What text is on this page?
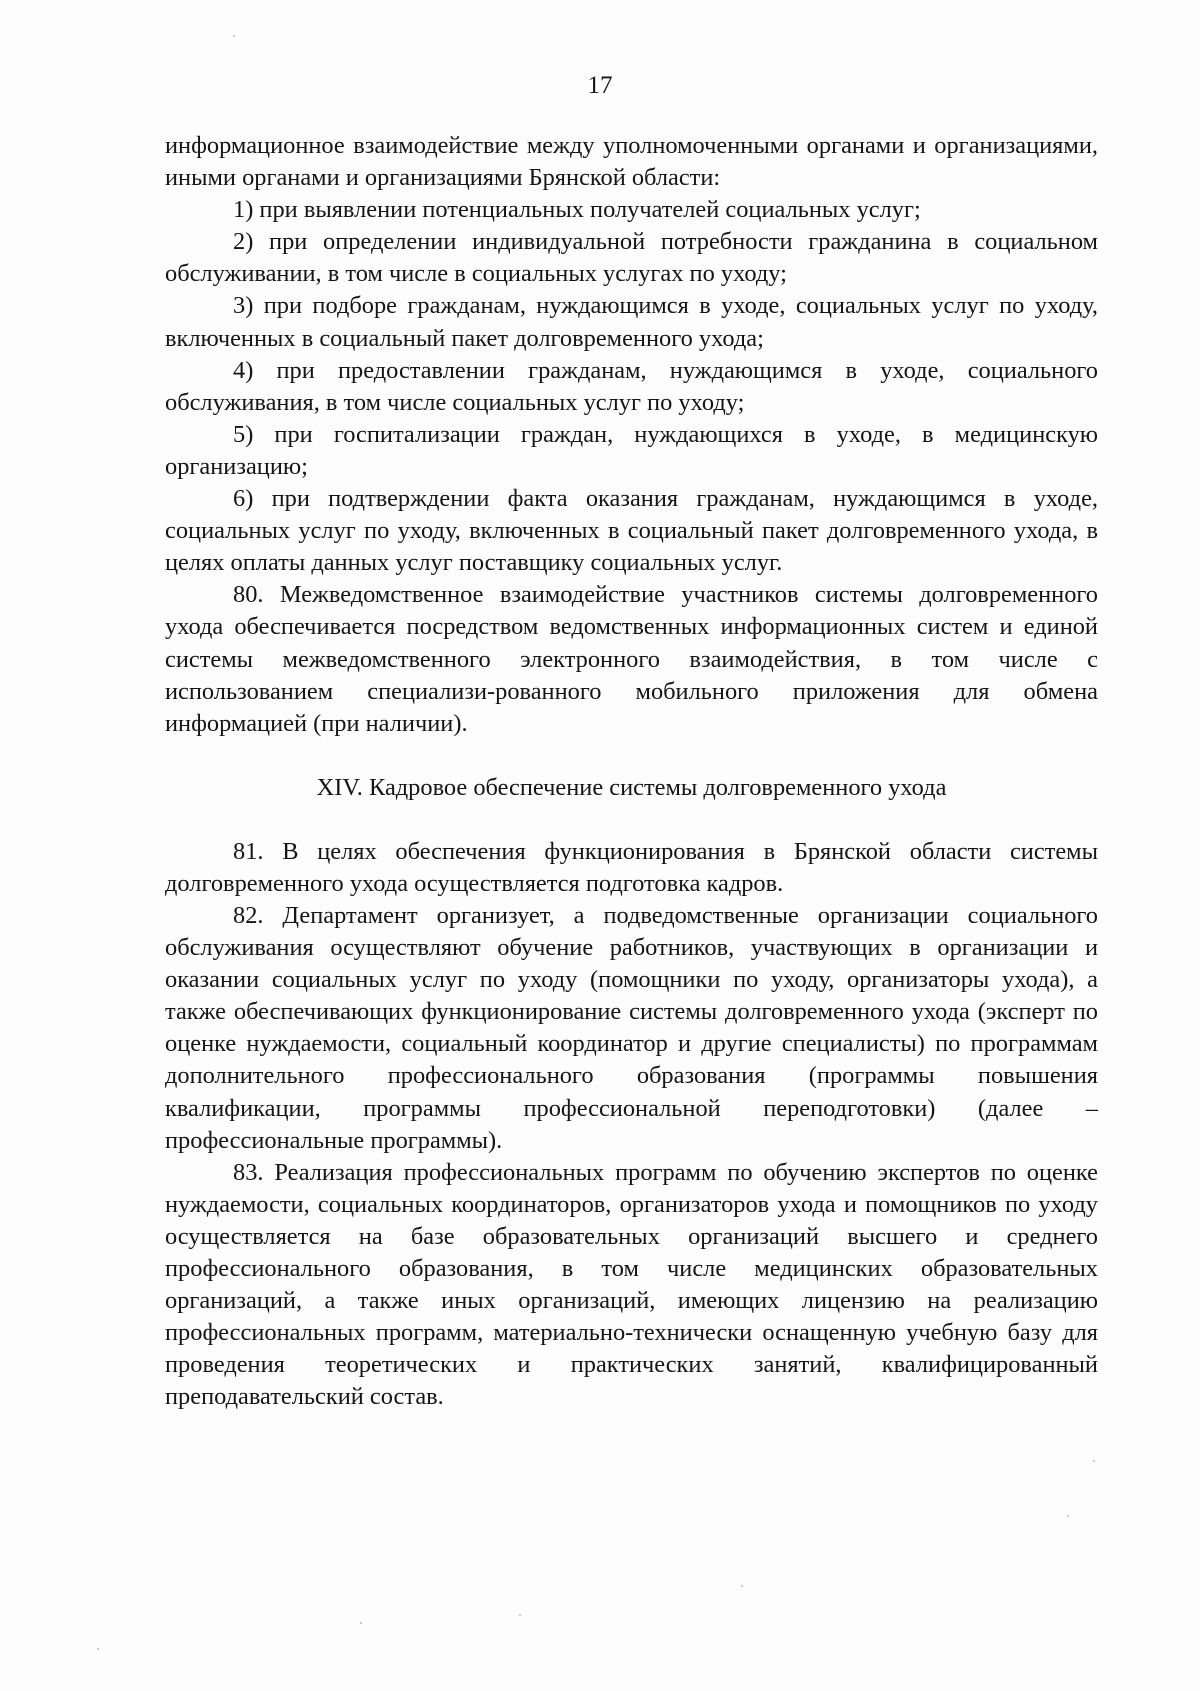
17

информационное взаимодействие между уполномоченными органами и организациями, иными органами и организациями Брянской области:

1) при выявлении потенциальных получателей социальных услуг;

2) при определении индивидуальной потребности гражданина в социальном обслуживании, в том числе в социальных услугах по уходу;

3) при подборе гражданам, нуждающимся в уходе, социальных услуг по уходу, включенных в социальный пакет долговременного ухода;

4) при предоставлении гражданам, нуждающимся в уходе, социального обслуживания, в том числе социальных услуг по уходу;

5) при госпитализации граждан, нуждающихся в уходе, в медицинскую организацию;

6) при подтверждении факта оказания гражданам, нуждающимся в уходе, социальных услуг по уходу, включенных в социальный пакет долговременного ухода, в целях оплаты данных услуг поставщику социальных услуг.

80. Межведомственное взаимодействие участников системы долговременного ухода обеспечивается посредством ведомственных информационных систем и единой системы межведомственного электронного взаимодействия, в том числе с использованием специализи-рованного мобильного приложения для обмена информацией (при наличии).

XIV. Кадровое обеспечение системы долговременного ухода

81. В целях обеспечения функционирования в Брянской области системы долговременного ухода осуществляется подготовка кадров.

82. Департамент организует, а подведомственные организации социального обслуживания осуществляют обучение работников, участвующих в организации и оказании социальных услуг по уходу (помощники по уходу, организаторы ухода), а также обеспечивающих функционирование системы долговременного ухода (эксперт по оценке нуждаемости, социальный координатор и другие специалисты) по программам дополнительного профессионального образования (программы повышения квалификации, программы профессиональной переподготовки) (далее – профессиональные программы).

83. Реализация профессиональных программ по обучению экспертов по оценке нуждаемости, социальных координаторов, организаторов ухода и помощников по уходу осуществляется на базе образовательных организаций высшего и среднего профессионального образования, в том числе медицинских образовательных организаций, а также иных организаций, имеющих лицензию на реализацию профессиональных программ, материально-технически оснащенную учебную базу для проведения теоретических и практических занятий, квалифицированный преподавательский состав.
